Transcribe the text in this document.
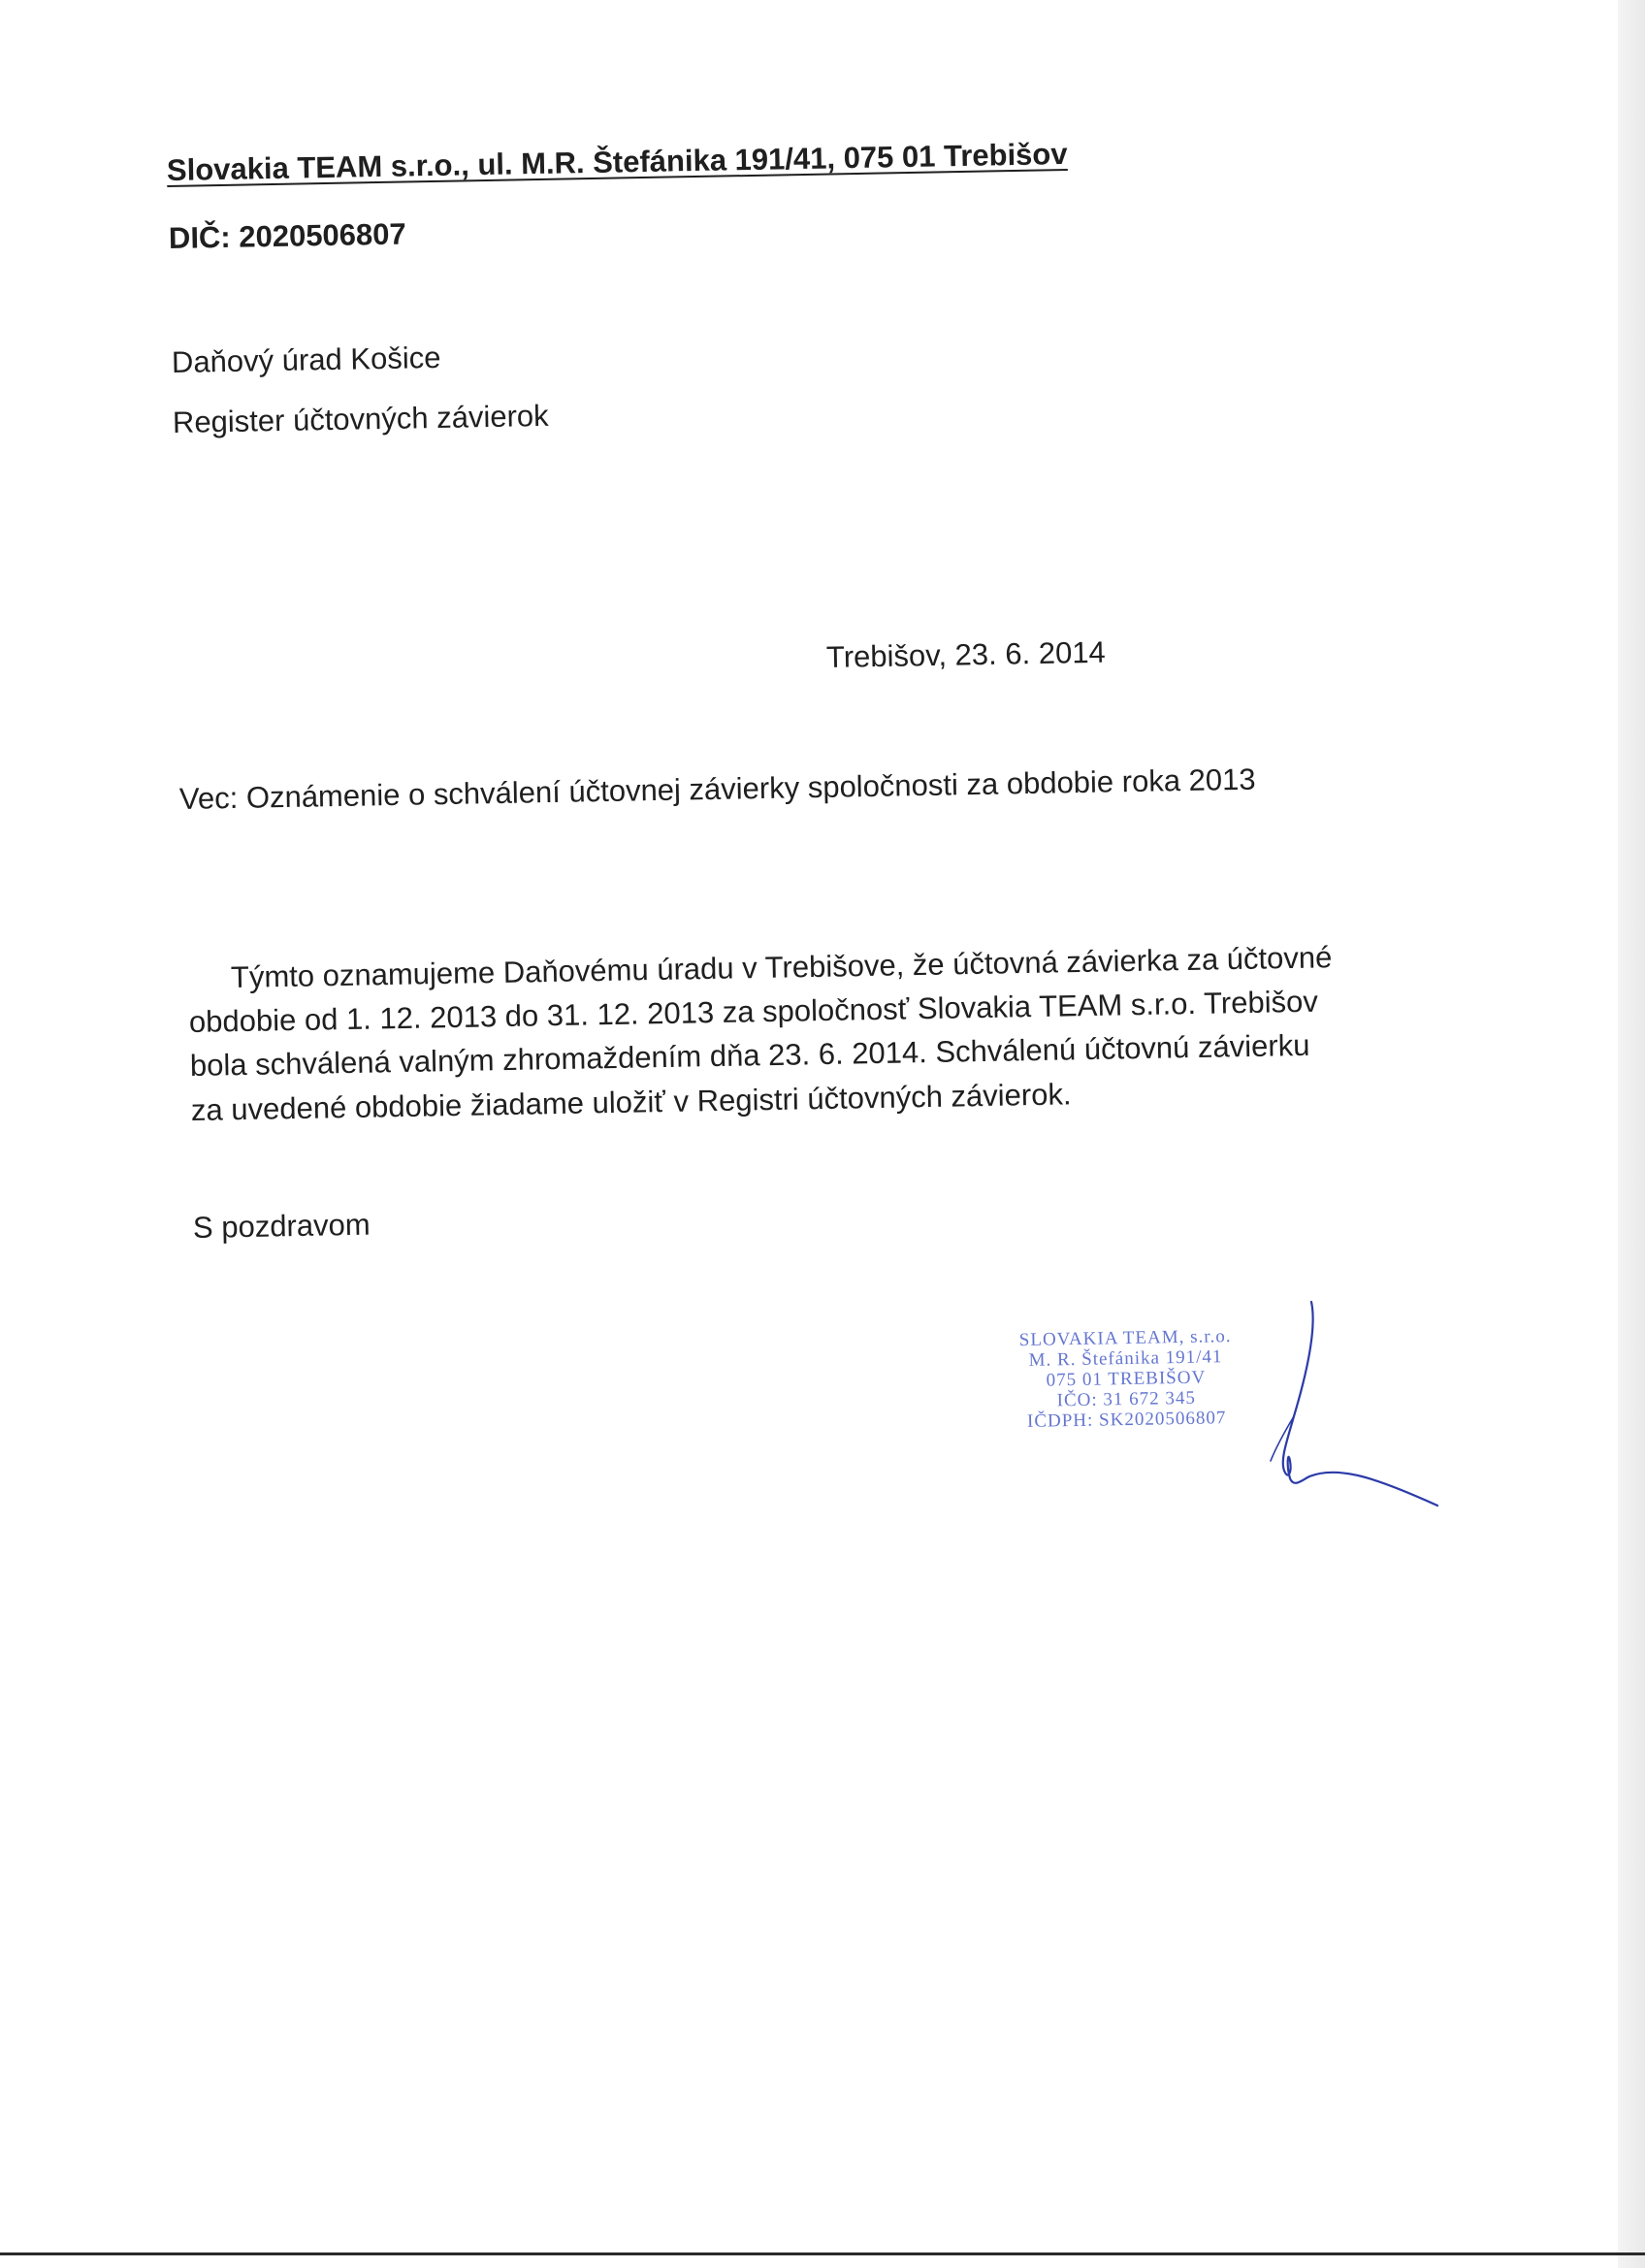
Slovakia TEAM s.r.o., ul. M.R. Štefánika 191/41, 075 01 Trebišov
DIČ: 2020506807
Daňový úrad Košice
Register účtovných závierok
Trebišov, 23. 6. 2014
Vec: Oznámenie o schválení účtovnej závierky spoločnosti za obdobie roka 2013
Týmto oznamujeme Daňovému úradu v Trebišove, že účtovná závierka za účtovné
obdobie od 1. 12. 2013 do 31. 12. 2013 za spoločnosť Slovakia TEAM s.r.o. Trebišov
bola schválená valným zhromaždením dňa 23. 6. 2014. Schválenú účtovnú závierku
za uvedené obdobie žiadame uložiť v Registri účtovných závierok.
S pozdravom
SLOVAKIA TEAM, s.r.o.
M. R. Štefánika 191/41
075 01 TREBIŠOV
IČO: 31 672 345
IČDPH: SK2020506807
